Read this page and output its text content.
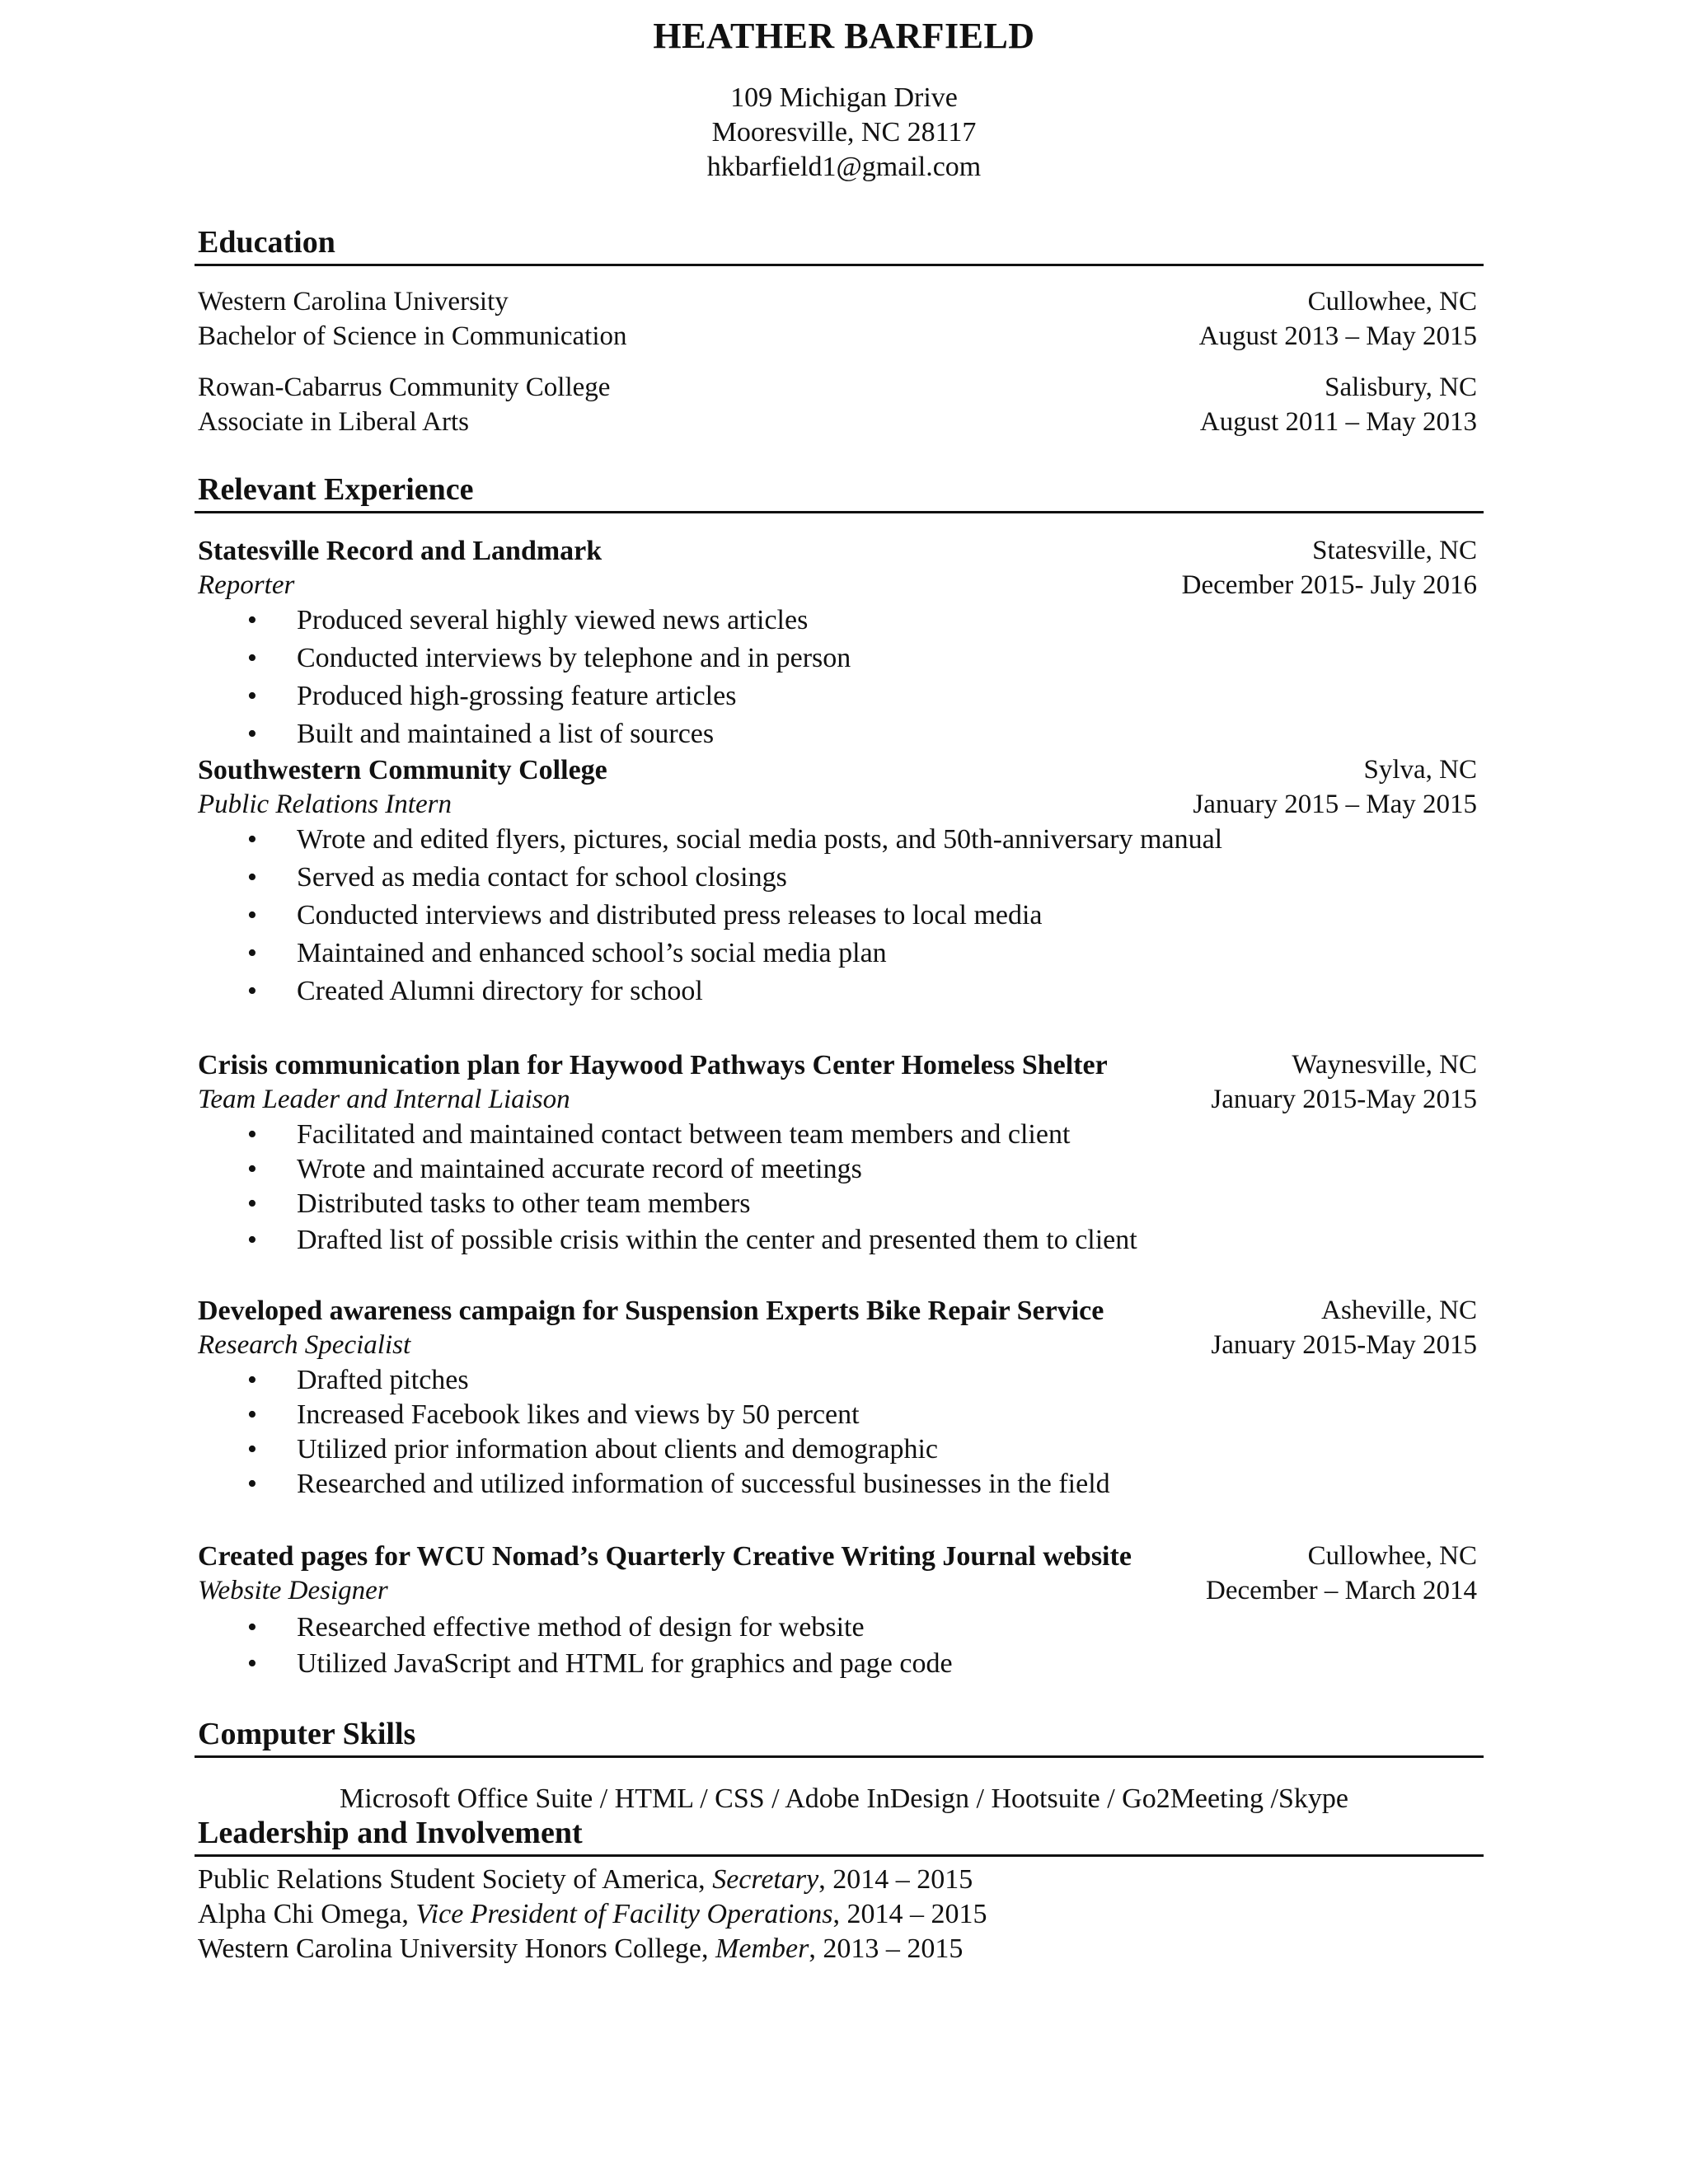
HEATHER BARFIELD
109 Michigan Drive
Mooresville, NC 28117
hkbarfield1@gmail.com
Education
Western Carolina University	Cullowhee, NC
Bachelor of Science in Communication	August 2013 – May 2015
Rowan-Cabarrus Community College	Salisbury, NC
Associate in Liberal Arts	August 2011 – May 2013
Relevant Experience
Statesville Record and Landmark	Statesville, NC
Reporter	December 2015- July 2016
• Produced several highly viewed news articles
• Conducted interviews by telephone and in person
• Produced high-grossing feature articles
• Built and maintained a list of sources
Southwestern Community College	Sylva, NC
Public Relations Intern	January 2015 – May 2015
• Wrote and edited flyers, pictures, social media posts, and 50th-anniversary manual
• Served as media contact for school closings
• Conducted interviews and distributed press releases to local media
• Maintained and enhanced school’s social media plan
• Created Alumni directory for school
Crisis communication plan for Haywood Pathways Center Homeless Shelter	Waynesville, NC
Team Leader and Internal Liaison	January 2015-May 2015
• Facilitated and maintained contact between team members and client
• Wrote and maintained accurate record of meetings
• Distributed tasks to other team members
• Drafted list of possible crisis within the center and presented them to client
Developed awareness campaign for Suspension Experts Bike Repair Service	Asheville, NC
Research Specialist	January 2015-May 2015
• Drafted pitches
• Increased Facebook likes and views by 50 percent
• Utilized prior information about clients and demographic
• Researched and utilized information of successful businesses in the field
Created pages for WCU Nomad’s Quarterly Creative Writing Journal website	Cullowhee, NC
Website Designer	December – March 2014
• Researched effective method of design for website
• Utilized JavaScript and HTML for graphics and page code
Computer Skills
Microsoft Office Suite / HTML / CSS / Adobe InDesign / Hootsuite / Go2Meeting /Skype
Leadership and Involvement
Public Relations Student Society of America, Secretary, 2014 – 2015
Alpha Chi Omega, Vice President of Facility Operations, 2014 – 2015
Western Carolina University Honors College, Member, 2013 – 2015
